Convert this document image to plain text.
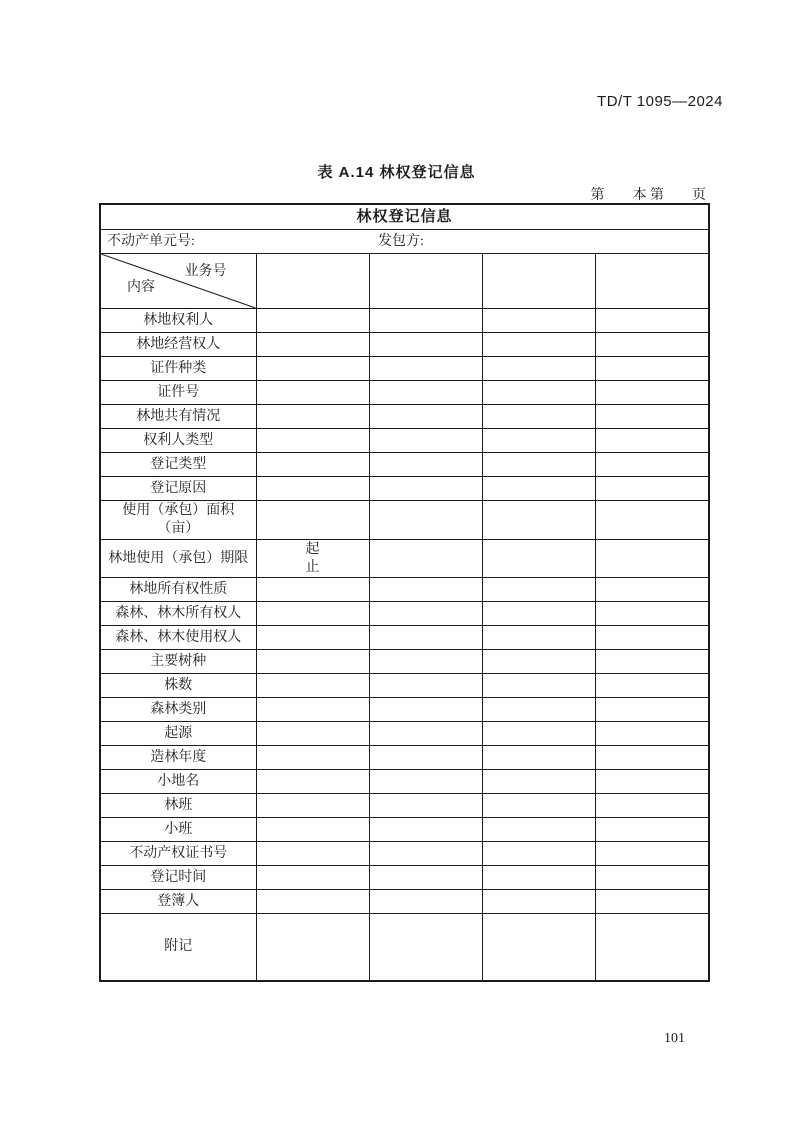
TD/T 1095—2024
表 A.14 林权登记信息
第　　本 第　　页
林权登记信息				

不动产单元号: 发包方:				

业务号
内容				

林地权利人				
林地经营权人				
证件种类				
证件号				
林地共有情况				
权利人类型				
登记类型				
登记原因				

使用（承包）面积
（亩）				

林地使用（承包）期限	起
止			

林地所有权性质				
森林、林木所有权人				
森林、林木使用权人				
主要树种				
株数				
森林类别				
起源				
造林年度				
小地名				
林班				
小班				
不动产权证书号				
登记时间				
登簿人				
附记				
101
